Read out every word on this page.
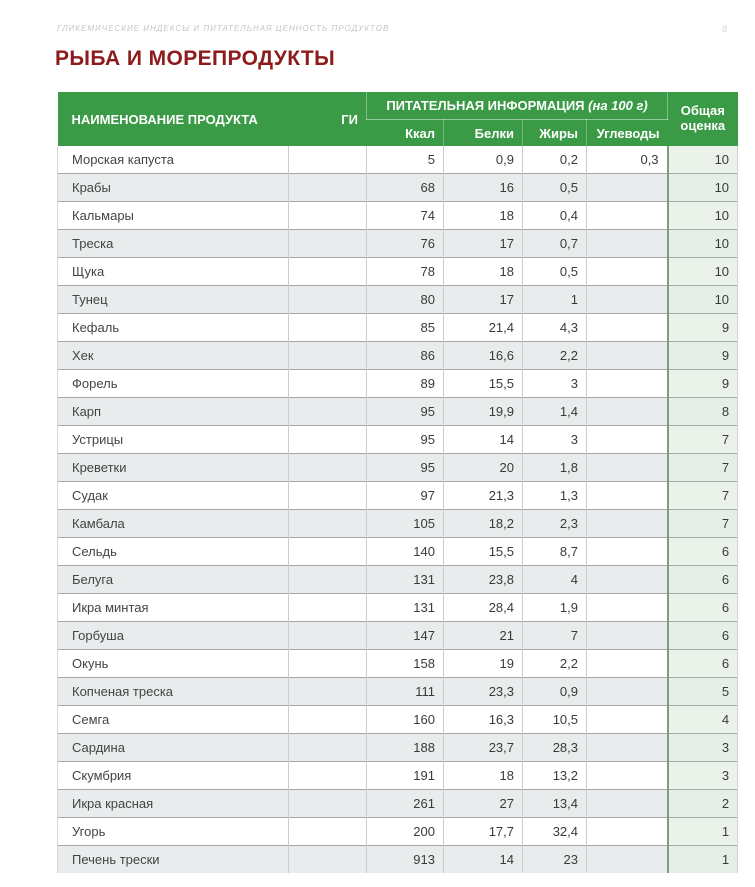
ГЛИКЕМИЧЕСКИЕ ИНДЕКСЫ И ПИТАТЕЛЬНАЯ ЦЕННОСТЬ ПРОДУКТОВ	8
РЫБА И МОРЕПРОДУКТЫ
НАИМЕНОВАНИЕ ПРОДУКТА	ГИ	ПИТАТЕЛЬНАЯ ИНФОРМАЦИЯ (на 100 г)				Общая
оценка

		Ккал	Белки	Жиры	Углеводы	
Морская капуста		5	0,9	0,2	0,3	10
Крабы		68	16	0,5		10
Кальмары		74	18	0,4		10
Треска		76	17	0,7		10
Щука		78	18	0,5		10
Тунец		80	17	1		10
Кефаль		85	21,4	4,3		9
Хек		86	16,6	2,2		9
Форель		89	15,5	3		9
Карп		95	19,9	1,4		8
Устрицы		95	14	3		7
Креветки		95	20	1,8		7
Судак		97	21,3	1,3		7
Камбала		105	18,2	2,3		7
Сельдь		140	15,5	8,7		6
Белуга		131	23,8	4		6
Икра минтая		131	28,4	1,9		6
Горбуша		147	21	7		6
Окунь		158	19	2,2		6
Копченая треска		111	23,3	0,9		5
Семга		160	16,3	10,5		4
Сардина		188	23,7	28,3		3
Скумбрия		191	18	13,2		3
Икра красная		261	27	13,4		2
Угорь		200	17,7	32,4		1
Печень трески		913	14	23		1
